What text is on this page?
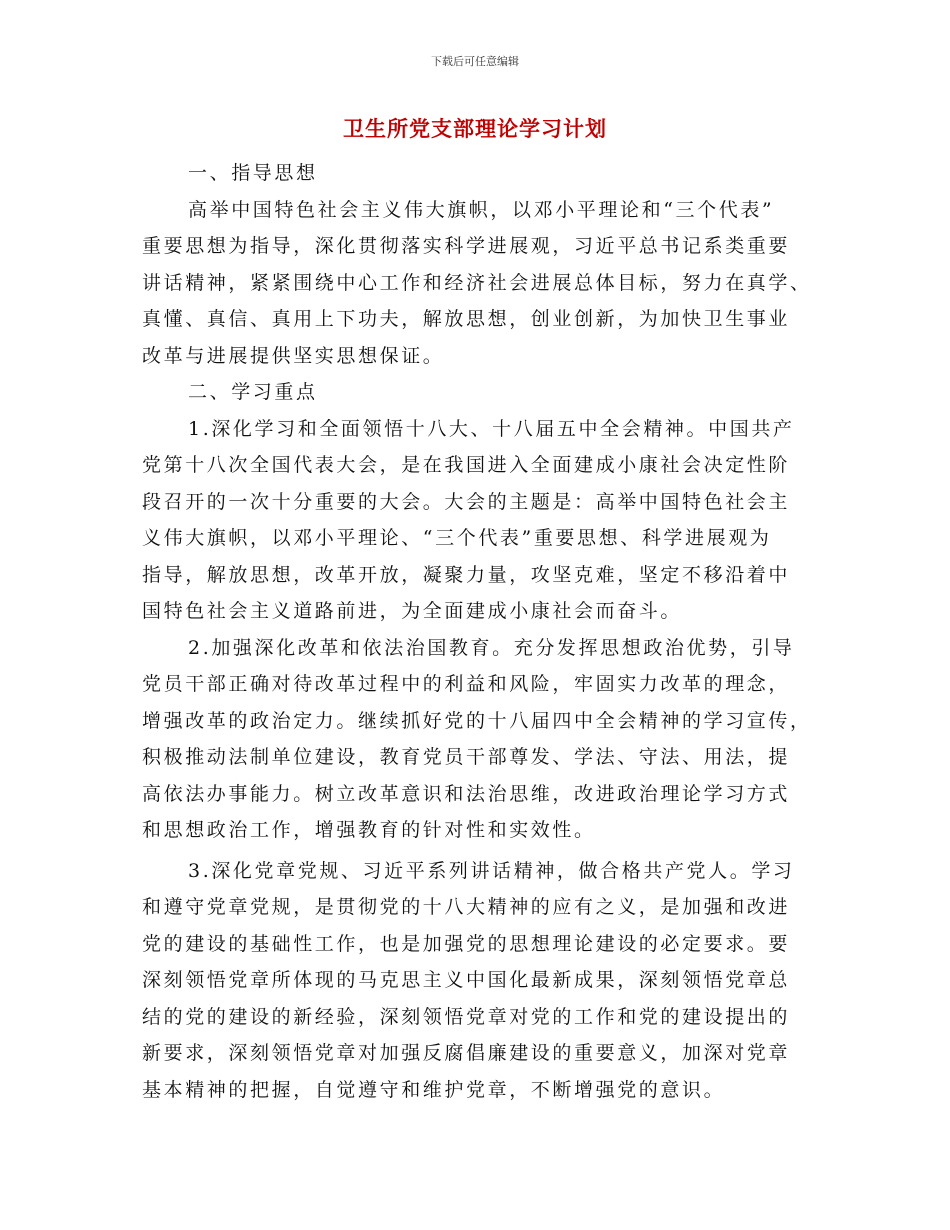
下载后可任意编辑
卫生所党支部理论学习计划
一、指导思想
高举中国特色社会主义伟大旗帜，以邓小平理论和“三个代表”
重要思想为指导，深化贯彻落实科学进展观，习近平总书记系类重要
讲话精神，紧紧围绕中心工作和经济社会进展总体目标，努力在真学、
真懂、真信、真用上下功夫，解放思想，创业创新，为加快卫生事业
改革与进展提供坚实思想保证。
二、学习重点
1.深化学习和全面领悟十八大、十八届五中全会精神。中国共产
党第十八次全国代表大会，是在我国进入全面建成小康社会决定性阶
段召开的一次十分重要的大会。大会的主题是：高举中国特色社会主
义伟大旗帜，以邓小平理论、“三个代表”重要思想、科学进展观为
指导，解放思想，改革开放，凝聚力量，攻坚克难，坚定不移沿着中
国特色社会主义道路前进，为全面建成小康社会而奋斗。
2.加强深化改革和依法治国教育。充分发挥思想政治优势，引导
党员干部正确对待改革过程中的利益和风险，牢固实力改革的理念，
增强改革的政治定力。继续抓好党的十八届四中全会精神的学习宣传，
积极推动法制单位建设，教育党员干部尊发、学法、守法、用法，提
高依法办事能力。树立改革意识和法治思维，改进政治理论学习方式
和思想政治工作，增强教育的针对性和实效性。
3.深化党章党规、习近平系列讲话精神，做合格共产党人。学习
和遵守党章党规，是贯彻党的十八大精神的应有之义，是加强和改进
党的建设的基础性工作，也是加强党的思想理论建设的必定要求。要
深刻领悟党章所体现的马克思主义中国化最新成果，深刻领悟党章总
结的党的建设的新经验，深刻领悟党章对党的工作和党的建设提出的
新要求，深刻领悟党章对加强反腐倡廉建设的重要意义，加深对党章
基本精神的把握，自觉遵守和维护党章，不断增强党的意识。
